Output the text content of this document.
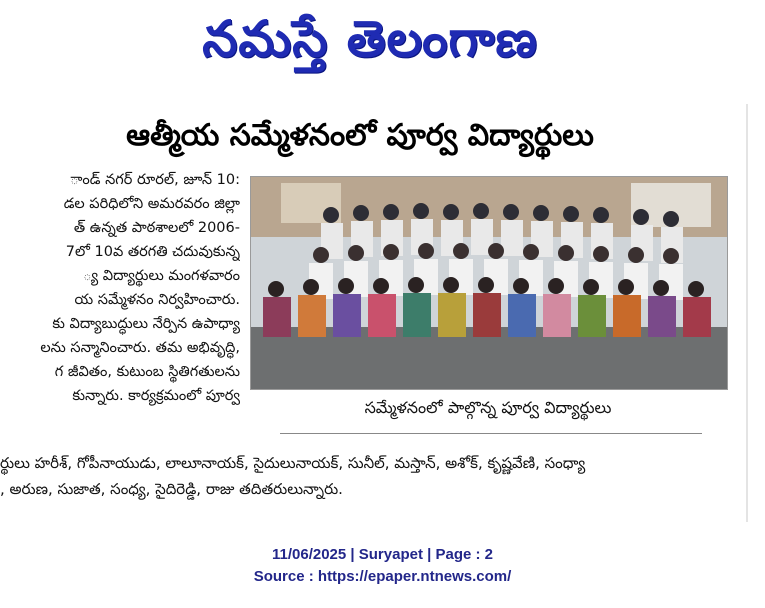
నమస్తే తెలంగాణ
ఆత్మీయ సమ్మేళనంలో పూర్వ విద్యార్థులు
ాండ్ నగర్ రూరల్, జూన్ 10:
డల పరిధిలోని అమరవరం జిల్లా
త్ ఉన్నత పాఠశాలలో 2006-
7లో 10వ తరగతి చదువుకున్న
్య విద్యార్థులు మంగళవారం
య సమ్మేళనం నిర్వహించారు.
కు విద్యాబుద్ధులు నేర్పిన ఉపాధ్యా
లను సన్మానించారు. తమ అభివృద్ధి,
గ జీవితం, కుటుంబ స్థితిగతులను
కున్నారు. కార్యక్రమంలో పూర్వ
సమ్మేళనంలో పాల్గొన్న పూర్వ విద్యార్థులు
ర్థులు హరీశ్, గోపీనాయుడు, లాలూనాయక్, సైదులునాయక్, సునీల్, మస్తాన్, అశోక్, కృష్ణవేణి, సంధ్యా
, అరుణ, సుజాత, సంధ్య, సైదిరెడ్డి, రాజు తదితరులున్నారు.
11/06/2025 | Suryapet | Page : 2
Source : https://epaper.ntnews.com/
